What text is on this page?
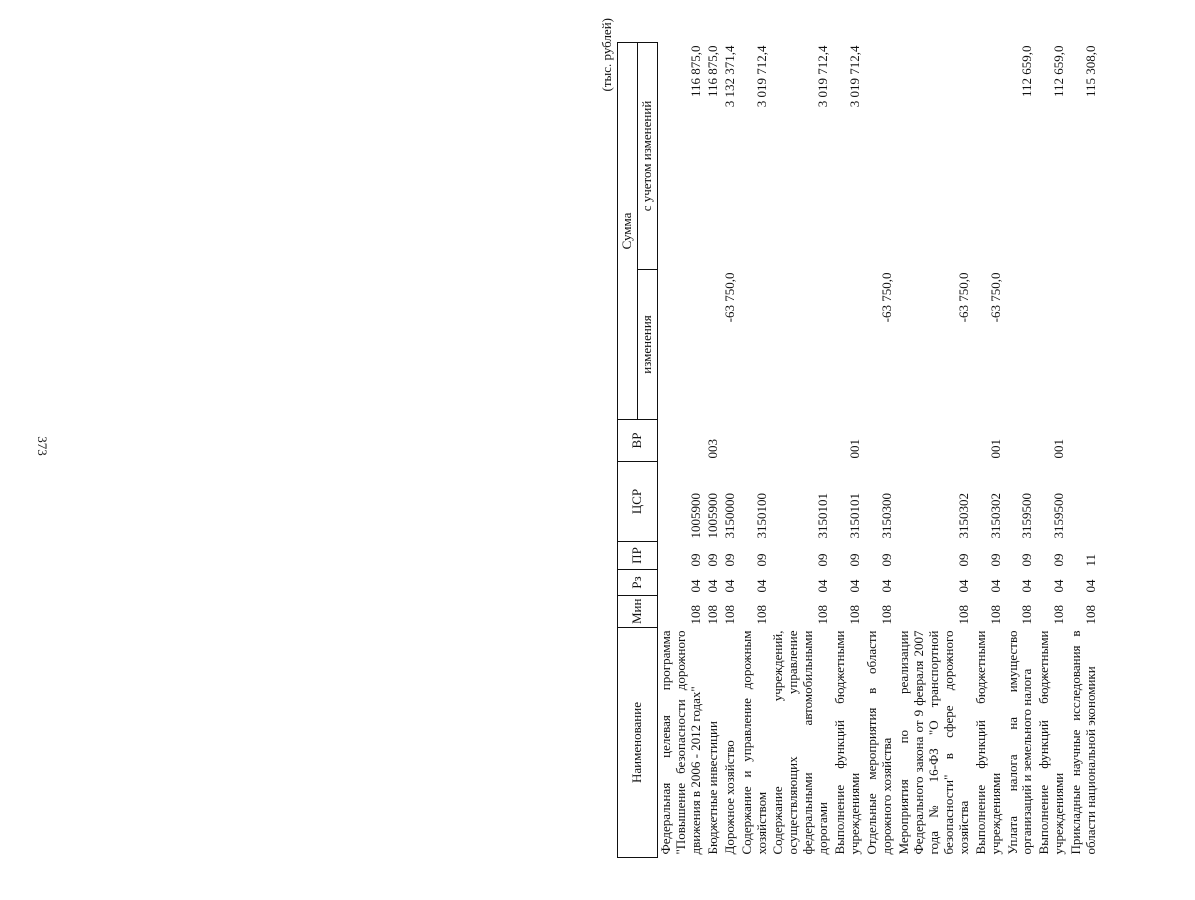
373
(тыс. рублей)
Наименование	Мин	Рз	ПР	ЦСР	ВР	Сумма	
						изменения	с учетом изменений
Федеральная целевая программа "Повышение безопасности дорожного движения в 2006 - 2012 годах"	108	04	09	1005900			116 875,0
Бюджетные инвестиции	108	04	09	1005900	003		116 875,0
Дорожное хозяйство	108	04	09	3150000		-63 750,0	3 132 371,4
Содержание и управление дорожным хозяйством	108	04	09	3150100			3 019 712,4
Содержание учреждений, осуществляющих управление федеральными автомобильными дорогами	108	04	09	3150101			3 019 712,4
Выполнение функций бюджетными учреждениями	108	04	09	3150101	001		3 019 712,4
Отдельные мероприятия в области дорожного хозяйства	108	04	09	3150300		-63 750,0	
Мероприятия по реализации Федерального закона от 9 февраля 2007 года № 16-ФЗ "О транспортной безопасности" в сфере дорожного хозяйства	108	04	09	3150302		-63 750,0	
Выполнение функций бюджетными учреждениями	108	04	09	3150302	001	-63 750,0	
Уплата налога на имущество организаций и земельного налога	108	04	09	3159500			112 659,0
Выполнение функций бюджетными учреждениями	108	04	09	3159500	001		112 659,0
Прикладные научные исследования в области национальной экономики	108	04	11				115 308,0
